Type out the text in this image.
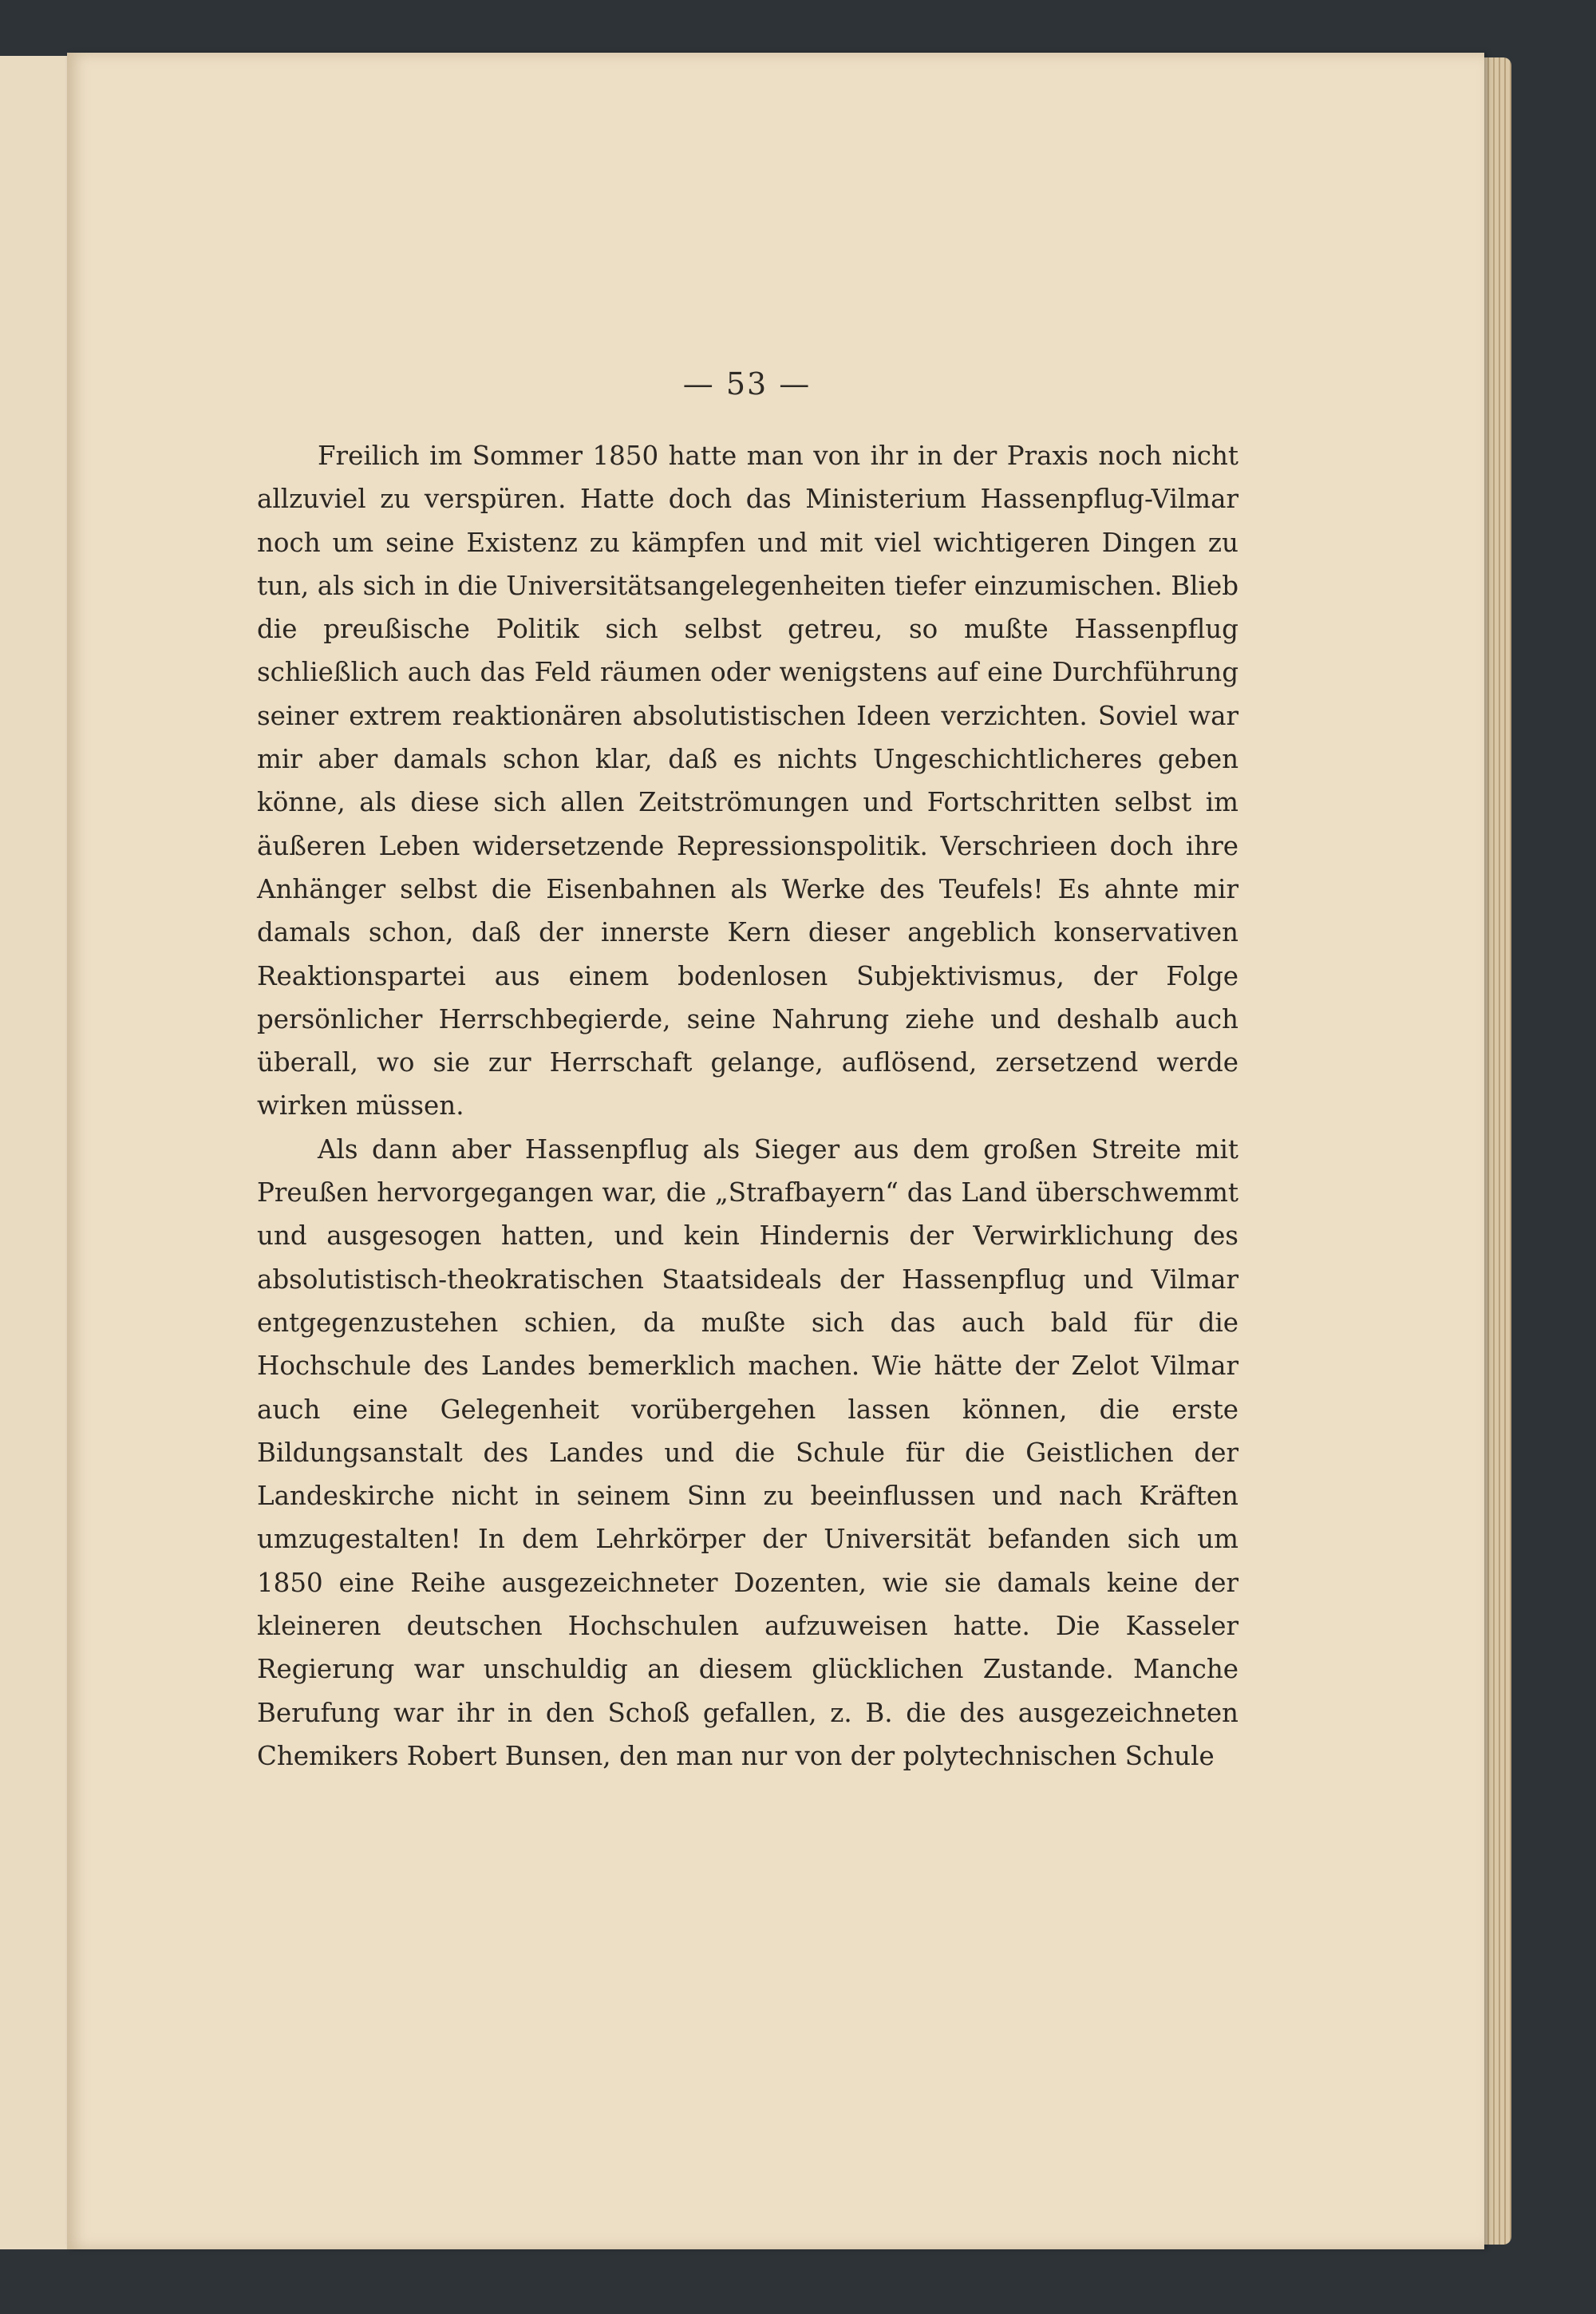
— 53 —

Freilich im Sommer 1850 hatte man von ihr in der Praxis noch nicht allzuviel zu verspüren. Hatte doch das Ministerium Hassenpflug-Vilmar noch um seine Existenz zu kämpfen und mit viel wichtigeren Dingen zu tun, als sich in die Universitätsangelegenheiten tiefer einzumischen. Blieb die preußische Politik sich selbst getreu, so mußte Hassenpflug schließlich auch das Feld räumen oder wenigstens auf eine Durchführung seiner extrem reaktionären absolutistischen Ideen verzichten. Soviel war mir aber damals schon klar, daß es nichts Ungeschichtlicheres geben könne, als diese sich allen Zeitströmungen und Fortschritten selbst im äußeren Leben widersetzende Repressionspolitik. Verschrieen doch ihre Anhänger selbst die Eisenbahnen als Werke des Teufels! Es ahnte mir damals schon, daß der innerste Kern dieser angeblich konservativen Reaktionspartei aus einem bodenlosen Subjektivismus, der Folge persönlicher Herrschbegierde, seine Nahrung ziehe und deshalb auch überall, wo sie zur Herrschaft gelange, auflösend, zersetzend werde wirken müssen.

Als dann aber Hassenpflug als Sieger aus dem großen Streite mit Preußen hervorgegangen war, die „Strafbayern“ das Land überschwemmt und ausgesogen hatten, und kein Hindernis der Verwirklichung des absolutistisch-theokratischen Staatsideals der Hassenpflug und Vilmar entgegenzustehen schien, da mußte sich das auch bald für die Hochschule des Landes bemerklich machen. Wie hätte der Zelot Vilmar auch eine Gelegenheit vorübergehen lassen können, die erste Bildungsanstalt des Landes und die Schule für die Geistlichen der Landeskirche nicht in seinem Sinn zu beeinflussen und nach Kräften umzugestalten! In dem Lehrkörper der Universität befanden sich um 1850 eine Reihe ausgezeichneter Dozenten, wie sie damals keine der kleineren deutschen Hochschulen aufzuweisen hatte. Die Kasseler Regierung war unschuldig an diesem glücklichen Zustande. Manche Berufung war ihr in den Schoß gefallen, z. B. die des ausgezeichneten Chemikers Robert Bunsen, den man nur von der polytechnischen Schule
